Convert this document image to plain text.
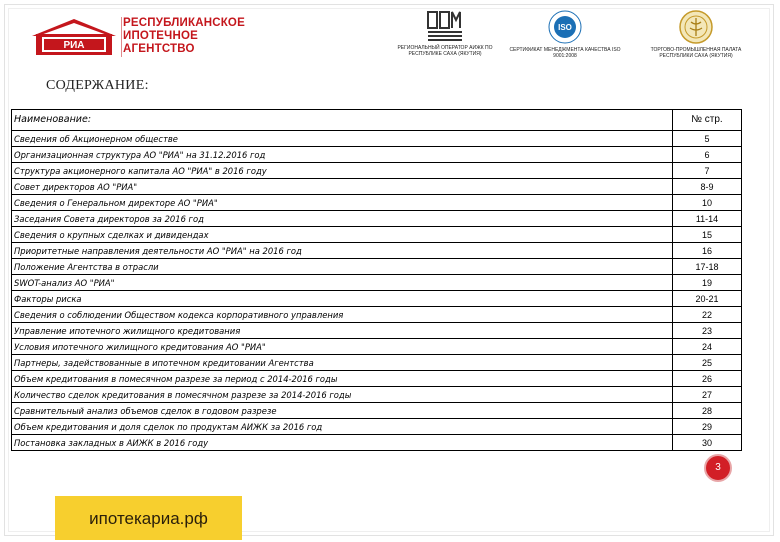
РИА
РЕСПУБЛИКАНСКОЕ
ИПОТЕЧНОЕ
АГЕНТСТВО	РЕГИОНАЛЬНЫЙ ОПЕРАТОР АИЖК ПО РЕСПУБЛИКЕ САХА (ЯКУТИЯ)
ISO
СЕРТИФИКАТ МЕНЕДЖМЕНТА КАЧЕСТВА ISO 9001:2008
ТОРГОВО-ПРОМЫШЛЕННАЯ ПАЛАТА РЕСПУБЛИКИ САХА (ЯКУТИЯ)
СОДЕРЖАНИЕ:
Наименование:	№ стр.
Сведения об Акционерном обществе	5
Организационная структура АО "РИА" на 31.12.2016 год	6
Структура акционерного капитала АО "РИА" в 2016 году	7
Совет директоров АО "РИА"	8-9
Сведения о Генеральном директоре АО "РИА"	10
Заседания Совета директоров за 2016 год	11-14
Сведения о крупных сделках и дивидендах	15
Приоритетные направления деятельности АО "РИА" на 2016 год	16
Положение Агентства в отрасли	17-18
SWOT-анализ АО "РИА"	19
Факторы риска	20-21
Сведения о соблюдении Обществом кодекса корпоративного управления	22
Управление ипотечного жилищного кредитования	23
Условия ипотечного жилищного кредитования АО "РИА"	24
Партнеры, задействованные в ипотечном кредитовании Агентства	25
Объем кредитования в помесячном разрезе за период с 2014-2016 годы	26
Количество сделок кредитования в помесячном разрезе за 2014-2016 годы	27
Сравнительный анализ объемов сделок в годовом разрезе	28
Объем кредитования и доля сделок по продуктам АИЖК за 2016 год	29
Постановка закладных в АИЖК в 2016 году	30
3
ипотекариа.рф
